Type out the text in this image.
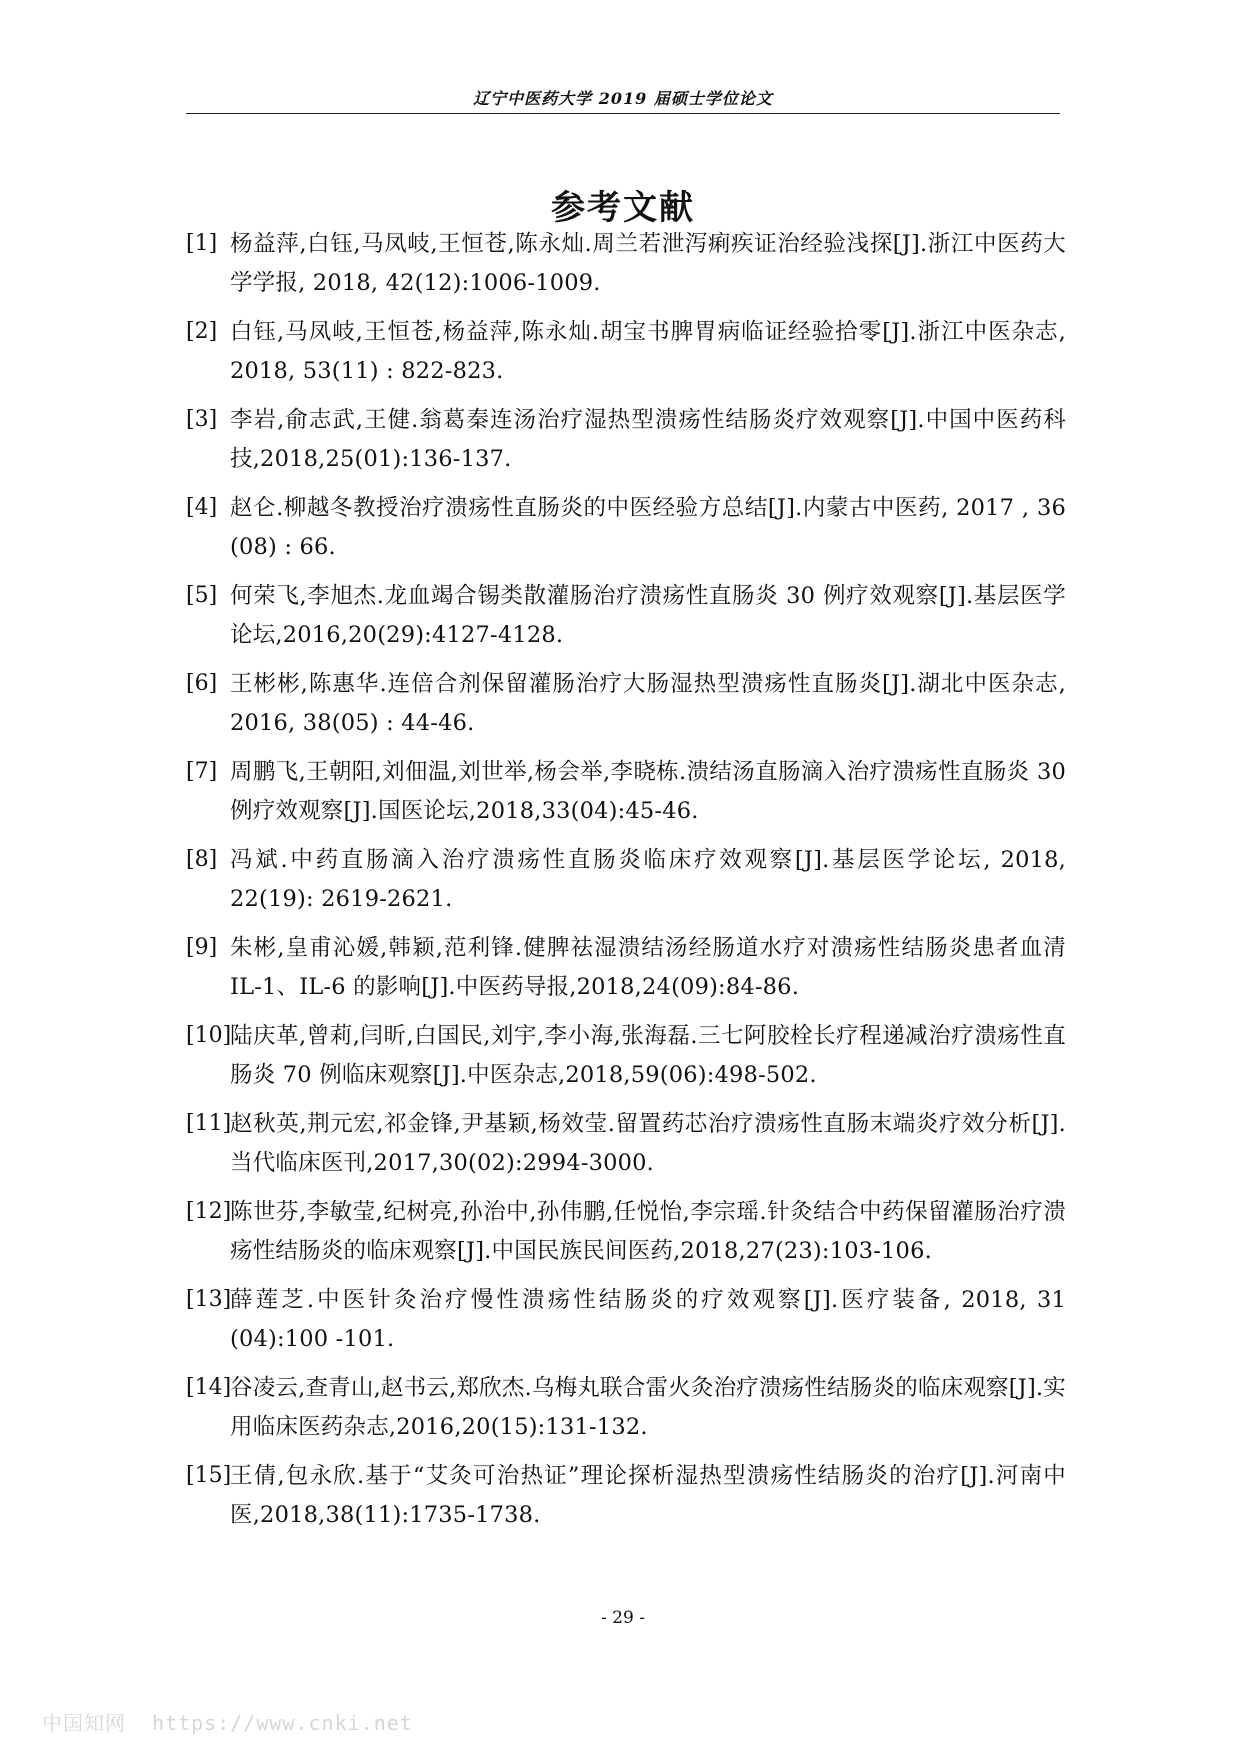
辽宁中医药大学 2019 届硕士学位论文
参考文献
[1] 杨益萍,白钰,马凤岐,王恒苍,陈永灿.周兰若泄泻痢疾证治经验浅探[J].浙江中医药大学学报, 2018, 42(12):1006-1009.
[2] 白钰,马凤岐,王恒苍,杨益萍,陈永灿.胡宝书脾胃病临证经验拾零[J].浙江中医杂志, 2018, 53(11) : 822-823.
[3] 李岩,俞志武,王健.翁葛秦连汤治疗湿热型溃疡性结肠炎疗效观察[J].中国中医药科技,2018,25(01):136-137.
[4] 赵仑.柳越冬教授治疗溃疡性直肠炎的中医经验方总结[J].内蒙古中医药, 2017 , 36 (08) : 66.
[5] 何荣飞,李旭杰.龙血竭合锡类散灌肠治疗溃疡性直肠炎 30 例疗效观察[J].基层医学论坛,2016,20(29):4127-4128.
[6] 王彬彬,陈惠华.连倍合剂保留灌肠治疗大肠湿热型溃疡性直肠炎[J].湖北中医杂志, 2016, 38(05) : 44-46.
[7] 周鹏飞,王朝阳,刘佃温,刘世举,杨会举,李晓栋.溃结汤直肠滴入治疗溃疡性直肠炎 30 例疗效观察[J].国医论坛,2018,33(04):45-46.
[8] 冯斌.中药直肠滴入治疗溃疡性直肠炎临床疗效观察[J].基层医学论坛, 2018, 22(19): 2619-2621.
[9] 朱彬,皇甫沁媛,韩颖,范利锋.健脾祛湿溃结汤经肠道水疗对溃疡性结肠炎患者血清 IL-1、IL-6 的影响[J].中医药导报,2018,24(09):84-86.
[10]
陆庆革,曾莉,闫昕,白国民,刘宇,李小海,张海磊.三七阿胶栓长疗程递减治疗溃疡性直肠炎 70 例临床观察[J].中医杂志,2018,59(06):498-502.
[11]
赵秋英,荆元宏,祁金锋,尹基颖,杨效莹.留置药芯治疗溃疡性直肠末端炎疗效分析[J].当代临床医刊,2017,30(02):2994-3000.
[12]
陈世芬,李敏莹,纪树亮,孙治中,孙伟鹏,任悦怡,李宗瑶.针灸结合中药保留灌肠治疗溃疡性结肠炎的临床观察[J].中国民族民间医药,2018,27(23):103-106.
[13]
薛莲芝.中医针灸治疗慢性溃疡性结肠炎的疗效观察[J].医疗装备, 2018, 31 (04):100 -101.
[14]
谷凌云,查青山,赵书云,郑欣杰.乌梅丸联合雷火灸治疗溃疡性结肠炎的临床观察[J].实用临床医药杂志,2016,20(15):131-132.
[15]
王倩,包永欣.基于“艾灸可治热证”理论探析湿热型溃疡性结肠炎的治疗[J].河南中医,2018,38(11):1735-1738.
- 29 -
中国知网 https://www.cnki.net
